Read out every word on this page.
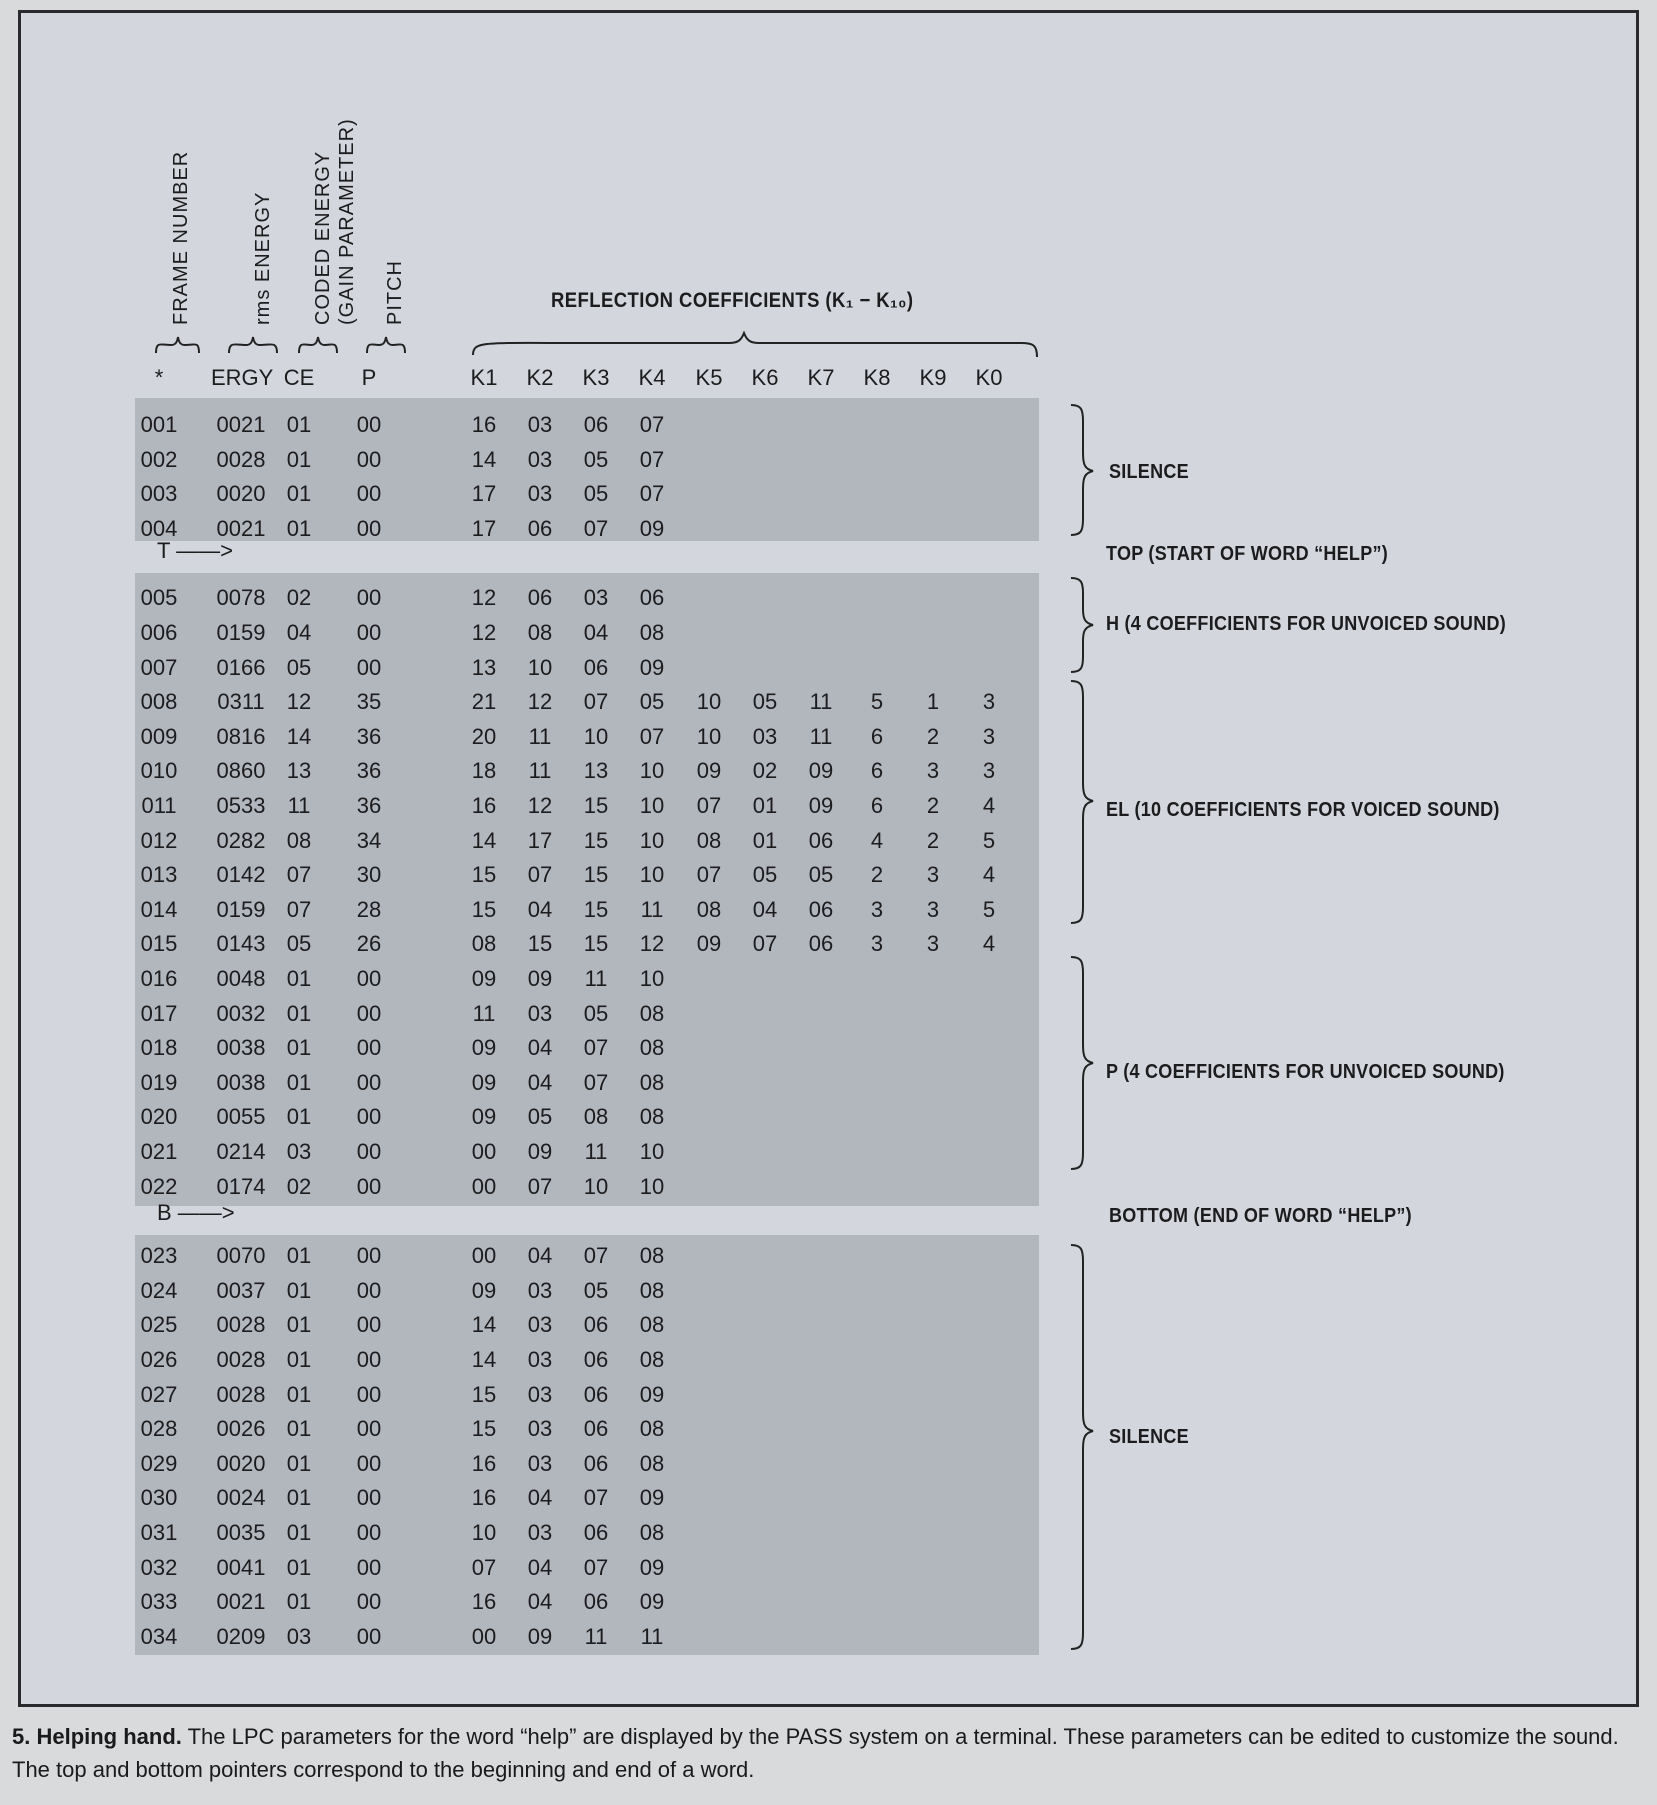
FRAME NUMBER	rms ENERGY CODED ENERGY (GAIN PARAMETER) PITCH	REFLECTION COEFFICIENTS (K₁ − K₁₀)
*	ERGY CE	P	K1	K2	K3	K4	K5	K6	K7	K8	K9	K0
001	0021 01	00	16	03	06	07
002	0028 01	00	14	03	05	07
003	0020 01	00	17	03	05	07
004	0021 01	00	17	06	07	09
005	0078 02	00	12	06	03	06
006	0159 04	00	12	08	04	08
007	0166 05	00	13	10	06	09
008	0311	12	35	21	12	07	05	10	05	11	5	1	3
009	0816 14	36	20	11	10	07	10	03	11	6	2	3
010	0860 13	36	18	11	13	10	09	02	09	6	3	3
011	0533	11	36	16	12	15	10	07	01	09	6	2	4
012	0282 08	34	14	17	15	10	08	01	06	4	2	5
013	0142 07	30	15	07	15	10	07	05	05	2	3	4
014	0159 07	28	15	04	15	11	08	04	06	3	3	5
015	0143 05	26	08	15	15	12	09	07	06	3	3	4
016	0048 01	00	09	09	11	10
017	0032 01	00	11	03	05	08
018	0038 01	00	09	04	07	08
019	0038 01	00	09	04	07	08
020	0055 01	00	09	05	08	08
021	0214 03	00	00	09	11	10
022	0174 02	00	00	07	10	10
023	0070 01	00	00	04	07	08
024	0037 01	00	09	03	05	08
025	0028 01	00	14	03	06	08
026	0028 01	00	14	03	06	08
027	0028 01	00	15	03	06	09
028	0026 01	00	15	03	06	08
029	0020 01	00	16	03	06	08
030	0024 01	00	16	04	07	09
031	0035 01	00	10	03	06	08
032	0041 01	00	07	04	07	09
033	0021 01	00	16	04	06	09
034	0209 03	00	00	09	11	11
T ——>
B ——>
SILENCE
TOP (START OF WORD “HELP”)
H (4 COEFFICIENTS FOR UNVOICED SOUND)
EL (10 COEFFICIENTS FOR VOICED SOUND)
P (4 COEFFICIENTS FOR UNVOICED SOUND)
BOTTOM (END OF WORD “HELP”)
SILENCE
5. Helping hand. The LPC parameters for the word “help” are displayed by the PASS system on a terminal. These parameters can be edited to customize the sound. The top and bottom pointers correspond to the beginning and end of a word.
